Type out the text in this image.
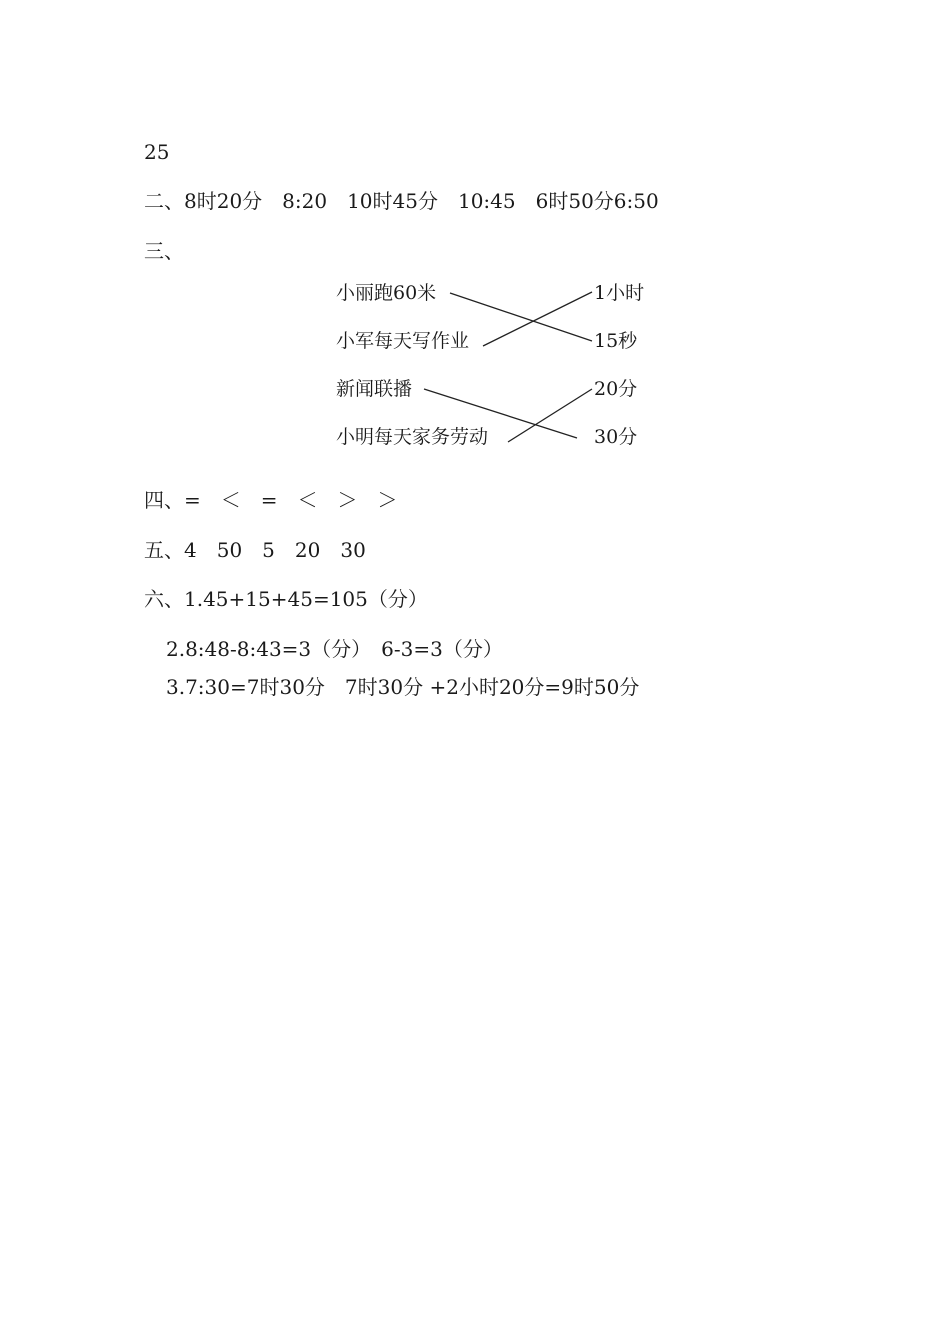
25
二、8时20分　8:20　10时45分　10:45　6时50分6:50
三、
小丽跑60米
小军每天写作业
新闻联播
小明每天家务劳动
1小时
15秒
20分
30分
四、=　＜　=　＜　＞　＞
五、4　50　5　20　30
六、1.45+15+45=105（分）
2.8:48-8:43=3（分）　6-3=3（分）
3.7:30=7时30分　7时30分 +2小时20分=9时50分
